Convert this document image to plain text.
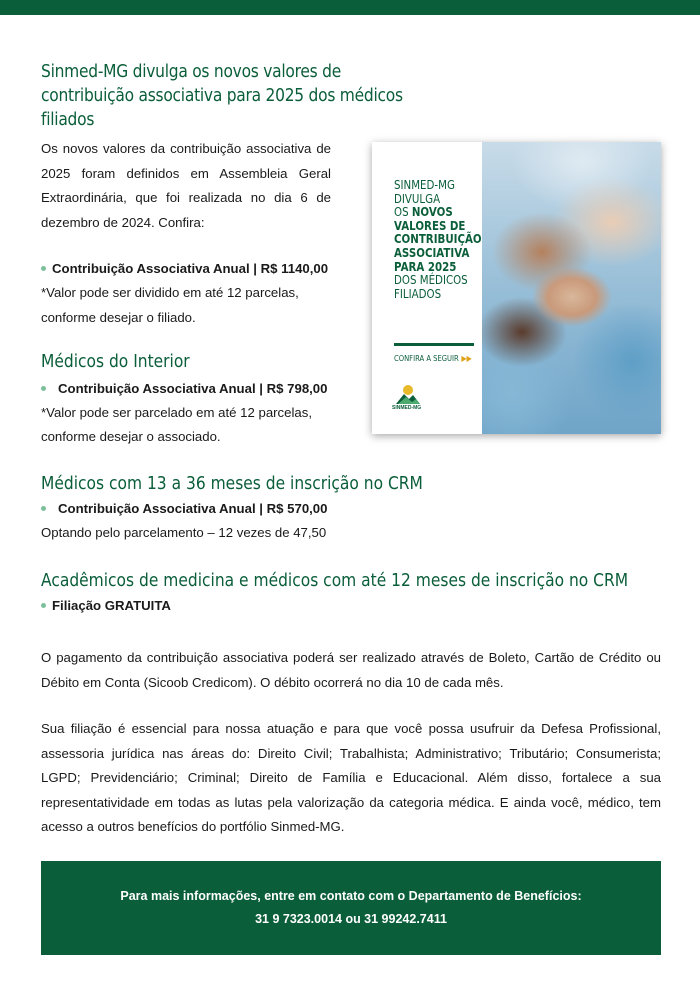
Sinmed-MG divulga os novos valores de contribuição associativa para 2025 dos médicos filiados

Os novos valores da contribuição associativa de 2025 foram definidos em Assembleia Geral Extraordinária, que foi realizada no dia 6 de dezembro de 2024. Confira:

Contribuição Associativa Anual | R$ 1140,00
*Valor pode ser dividido em até 12 parcelas,
conforme desejar o filiado.
Médicos do Interior
Contribuição Associativa Anual | R$ 798,00
*Valor pode ser parcelado em até 12 parcelas,
conforme desejar o associado.
SINMED-MG
DIVULGA
OS NOVOS
VALORES DE
CONTRIBUIÇÃO
ASSOCIATIVA
PARA 2025
DOS MÉDICOS
FILIADOS
CONFIRA A SEGUIR ▶▶
SINMED-MG
Médicos com 13 a 36 meses de inscrição no CRM
Contribuição Associativa Anual | R$ 570,00
Optando pelo parcelamento – 12 vezes de 47,50
Acadêmicos de medicina e médicos com até 12 meses de inscrição no CRM
Filiação GRATUITA

O pagamento da contribuição associativa poderá ser realizado através de Boleto, Cartão de Crédito ou Débito em Conta (Sicoob Credicom). O débito ocorrerá no dia 10 de cada mês.

Sua filiação é essencial para nossa atuação e para que você possa usufruir da Defesa Profissional, assessoria jurídica nas áreas do: Direito Civil; Trabalhista; Administrativo; Tributário; Consumerista; LGPD; Previdenciário; Criminal; Direito de Família e Educacional. Além disso, fortalece a sua representatividade em todas as lutas pela valorização da categoria médica. E ainda você, médico, tem acesso a outros benefícios do portfólio Sinmed-MG.

Para mais informações, entre em contato com o Departamento de Benefícios:
31 9 7323.0014 ou 31 99242.7411
